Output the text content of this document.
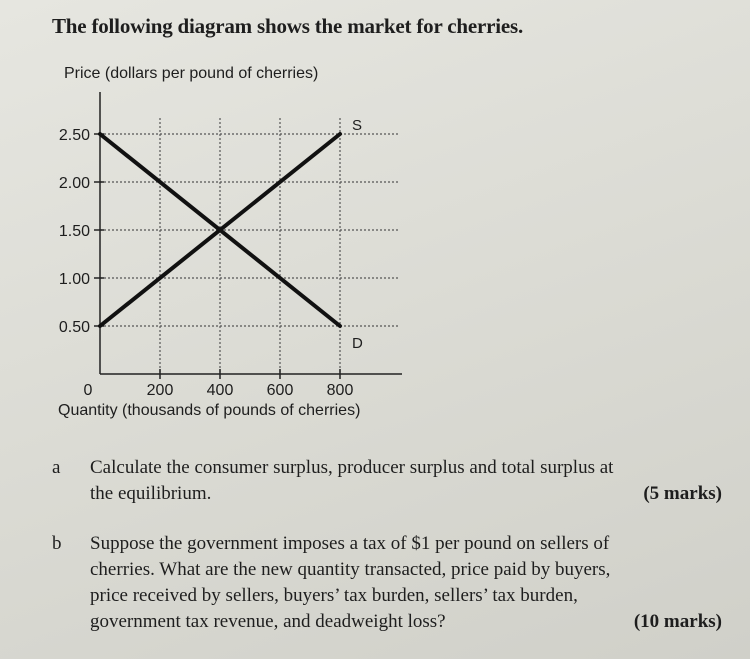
The following diagram shows the market for cherries.
Price (dollars per pound of cherries)
0.50
1.00
1.50
2.00
2.50
200 400 600 800
0
S
D
Quantity (thousands of pounds of cherries)
a Calculate the consumer surplus, producer surplus and total surplus at
the equilibrium.	(5 marks)
b Suppose the government imposes a tax of $1 per pound on sellers of
cherries. What are the new quantity transacted, price paid by buyers,
price received by sellers, buyers’ tax burden, sellers’ tax burden,
government tax revenue, and deadweight loss?	(10 marks)
